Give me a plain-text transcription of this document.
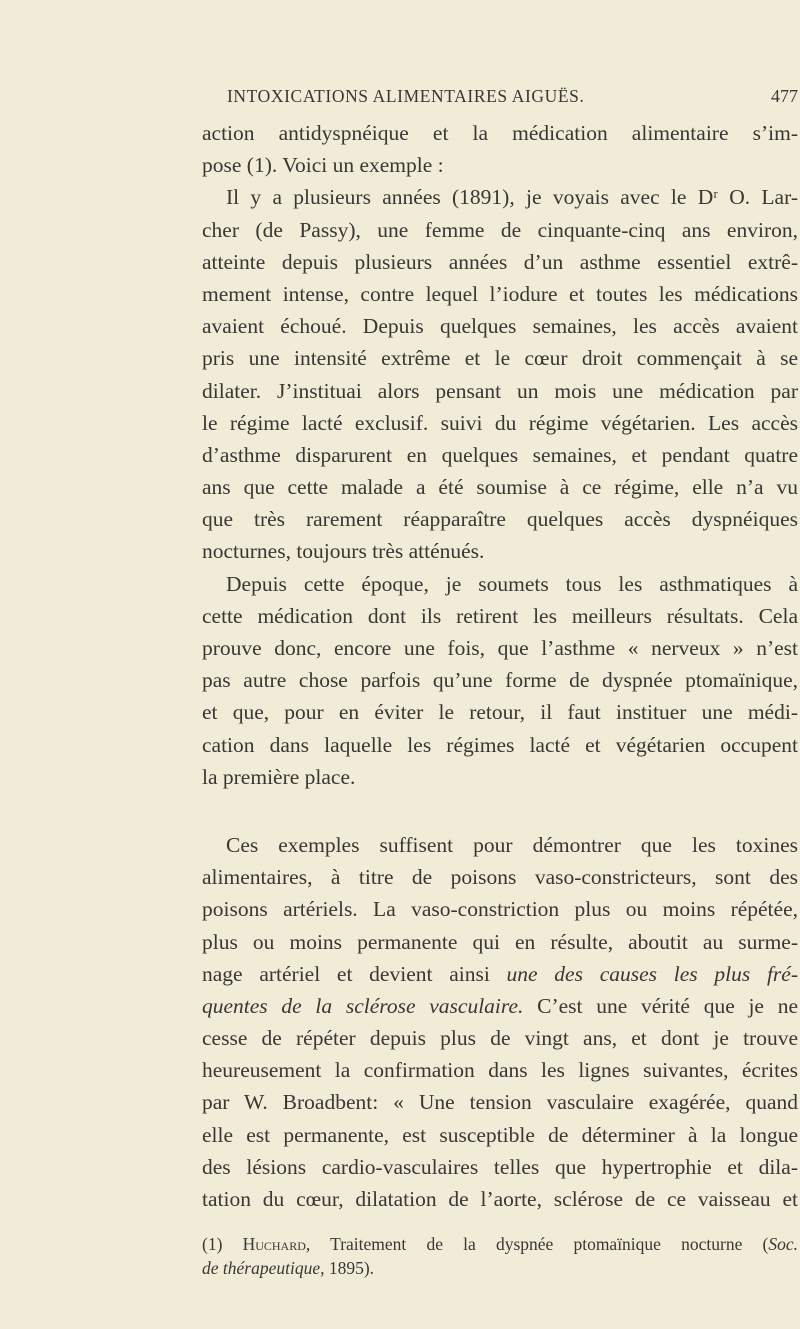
INTOXICATIONS ALIMENTAIRES AIGUËS.	477
action antidyspnéique et la médication alimentaire s’im-
pose (1). Voici un exemple :
Il y a plusieurs années (1891), je voyais avec le Dʳ O. Lar-
cher (de Passy), une femme de cinquante-cinq ans environ,
atteinte depuis plusieurs années d’un asthme essentiel extrê-
mement intense, contre lequel l’iodure et toutes les médications
avaient échoué. Depuis quelques semaines, les accès avaient
pris une intensité extrême et le cœur droit commençait à se
dilater. J’instituai alors pensant un mois une médication par
le régime lacté exclusif. suivi du régime végétarien. Les accès
d’asthme disparurent en quelques semaines, et pendant quatre
ans que cette malade a été soumise à ce régime, elle n’a vu
que très rarement réapparaître quelques accès dyspnéiques
nocturnes, toujours très atténués.
Depuis cette époque, je soumets tous les asthmatiques à
cette médication dont ils retirent les meilleurs résultats. Cela
prouve donc, encore une fois, que l’asthme « nerveux » n’est
pas autre chose parfois qu’une forme de dyspnée ptomaïnique,
et que, pour en éviter le retour, il faut instituer une médi-
cation dans laquelle les régimes lacté et végétarien occupent
la première place.
Ces exemples suffisent pour démontrer que les toxines
alimentaires, à titre de poisons vaso-constricteurs, sont des
poisons artériels. La vaso-constriction plus ou moins répétée,
plus ou moins permanente qui en résulte, aboutit au surme-
nage artériel et devient ainsi une des causes les plus fré-
quentes de la sclérose vasculaire. C’est une vérité que je ne
cesse de répéter depuis plus de vingt ans, et dont je trouve
heureusement la confirmation dans les lignes suivantes, écrites
par W. Broadbent: « Une tension vasculaire exagérée, quand
elle est permanente, est susceptible de déterminer à la longue
des lésions cardio-vasculaires telles que hypertrophie et dila-
tation du cœur, dilatation de l’aorte, sclérose de ce vaisseau et
(1) Huchard, Traitement de la dyspnée ptomaïnique nocturne (Soc.
de thérapeutique, 1895).
